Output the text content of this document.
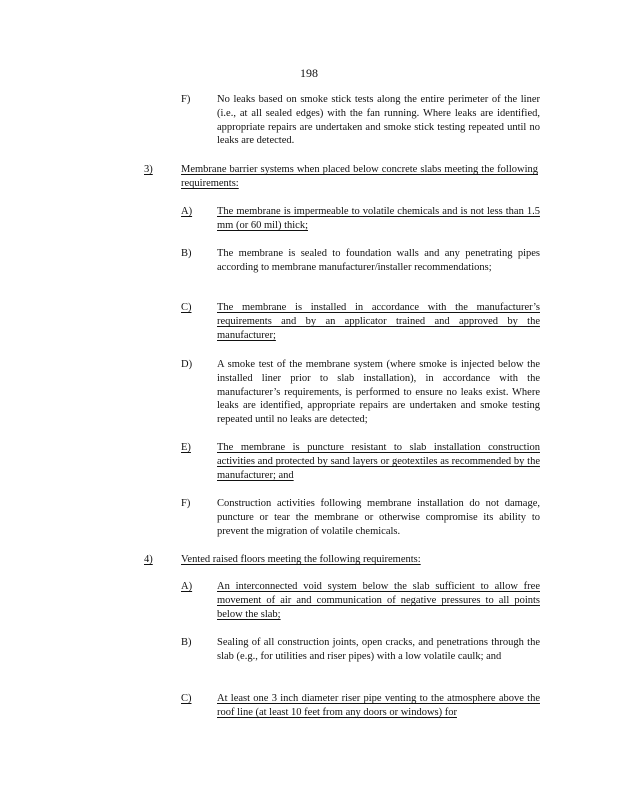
198
F)	No leaks based on smoke stick tests along the entire perimeter of the liner (i.e., at all sealed edges) with the fan running. Where leaks are identified, appropriate repairs are undertaken and smoke stick testing repeated until no leaks are detected.
3)	Membrane barrier systems when placed below concrete slabs meeting the following requirements:
A) The membrane is impermeable to volatile chemicals and is not less than 1.5 mm (or 60 mil) thick;
B) The membrane is sealed to foundation walls and any penetrating pipes according to membrane manufacturer/installer recommendations;
C) The membrane is installed in accordance with the manufacturer’s requirements and by an applicator trained and approved by the manufacturer;
D) A smoke test of the membrane system (where smoke is injected below the installed liner prior to slab installation), in accordance with the manufacturer’s requirements, is performed to ensure no leaks exist. Where leaks are identified, appropriate repairs are undertaken and smoke testing repeated until no leaks are detected;
E) The membrane is puncture resistant to slab installation construction activities and protected by sand layers or geotextiles as recommended by the manufacturer; and
F)	Construction activities following membrane installation do not damage, puncture or tear the membrane or otherwise compromise its ability to prevent the migration of volatile chemicals.
4)	Vented raised floors meeting the following requirements:
A) An interconnected void system below the slab sufficient to allow free movement of air and communication of negative pressures to all points below the slab;
B) Sealing of all construction joints, open cracks, and penetrations through the slab (e.g., for utilities and riser pipes) with a low volatile caulk; and
C) At least one 3 inch diameter riser pipe venting to the atmosphere above the roof line (at least 10 feet from any doors or windows) for
